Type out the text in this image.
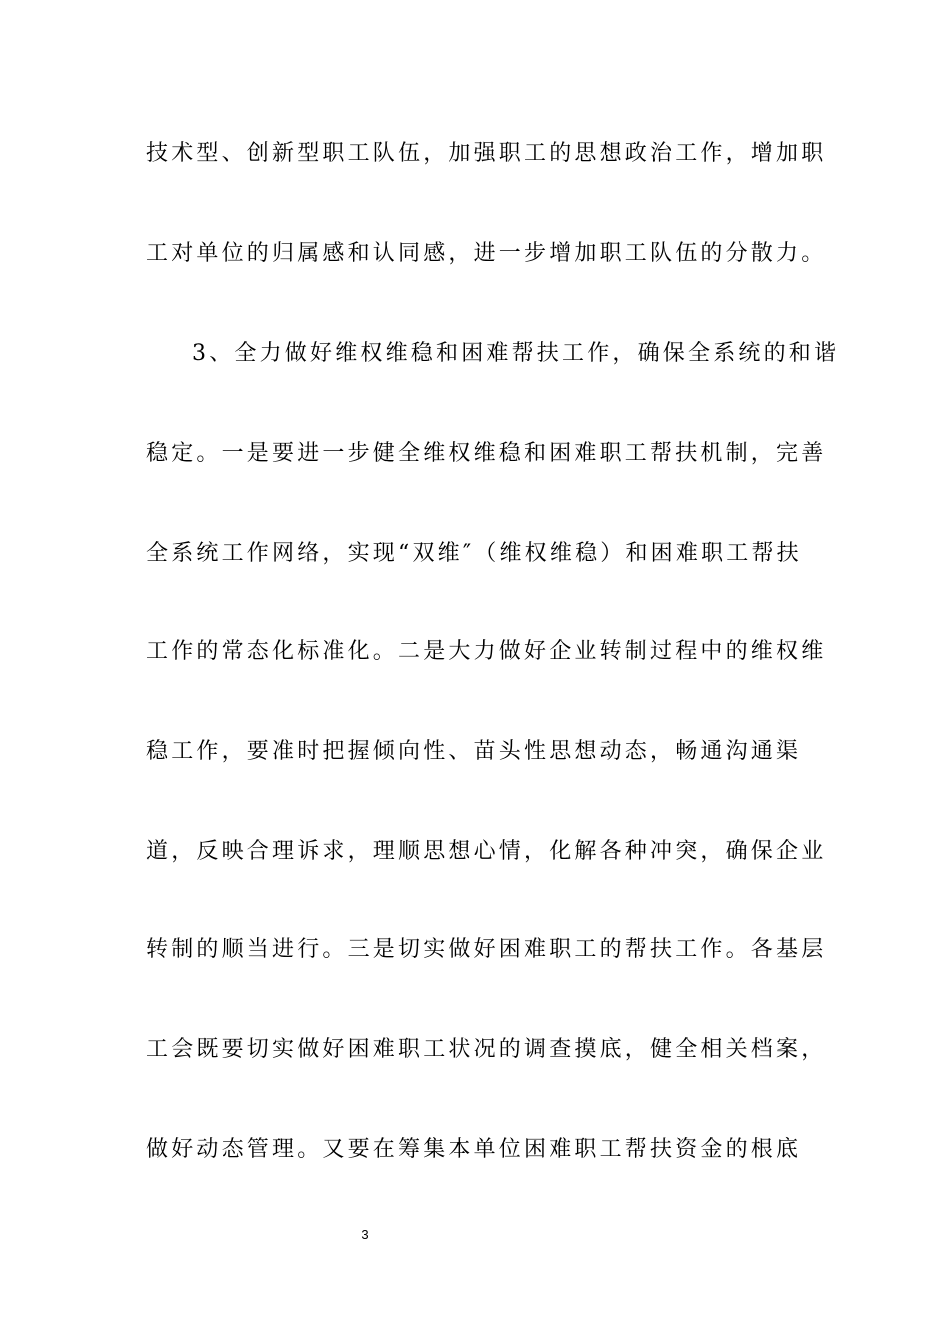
技术型、创新型职工队伍，加强职工的思想政治工作，增加职
工对单位的归属感和认同感，进一步增加职工队伍的分散力。
3、全力做好维权维稳和困难帮扶工作，确保全系统的和谐
稳定。一是要进一步健全维权维稳和困难职工帮扶机制，完善
全系统工作网络，实现“双维″（维权维稳）和困难职工帮扶
工作的常态化标准化。二是大力做好企业转制过程中的维权维
稳工作，要准时把握倾向性、苗头性思想动态，畅通沟通渠
道，反映合理诉求，理顺思想心情，化解各种冲突，确保企业
转制的顺当进行。三是切实做好困难职工的帮扶工作。各基层
工会既要切实做好困难职工状况的调查摸底，健全相关档案，
做好动态管理。又要在筹集本单位困难职工帮扶资金的根底
3
